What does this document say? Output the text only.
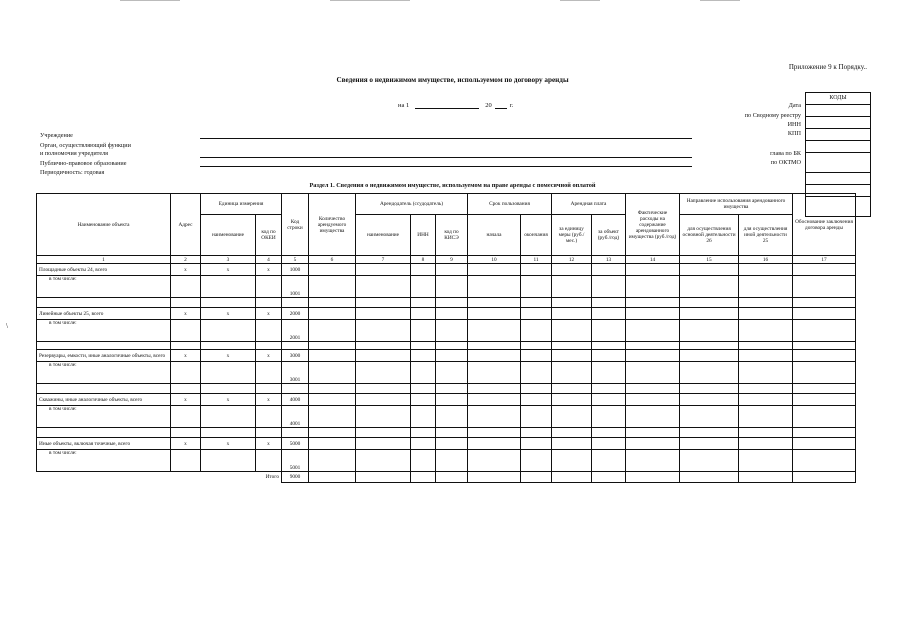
Приложение 9 к Порядку..
Сведения о недвижимом имуществе, используемом по договору аренды
на 1	20	г.
КОДЫ
Дата
по Сводному реестру
ИНН
КПП
глава по БК
по ОКТМО
Учреждение
Орган, осуществляющий функции
и полномочия учредителя
Публично-правовое образование
Периодичность: годовая
\
Раздел 1. Сведения о недвижимом имуществе, используемом на праве аренды с помесячной оплатой
Наименование объекта	Адрес	Единица измерения		Код строки	Количество арендуемого имущества	Арендодатель (ссудодатель)			Срок пользования		Арендная плата		Фактические расходы на содержание арендованного имущества (руб./год)	Направление использования арендованного имущества		Обоснование заключения договора аренды
		наименование	код по ОКЕИ			наименование	ИНН	код по КИСЭ	начала	окончания	за единицу меры (руб./мес.)	за объект (руб./год)		для осуществления основной деятельности 26	для осуществления иной деятельности 25	
1	2	3	4	5	6	7	8	9	10	11	12	13	14	15	16	17
Площадные объекты 24, всего	х	х	х	1000												
в том числе:				1001												

Линейные объекты 25, всего	х	х	х	2000												
в том числе:				2001												

Резервуары, емкости, иные аналогичные объекты, всего	х	х	х	3000												
в том числе:				3001												

Скважины, иные аналогичные объекты, всего	х	х	х	4000												
в том числе:				4001												

Иные объекты, включая точечные, всего	х	х	х	5000												
в том числе:				5001												
Итого				9000												
